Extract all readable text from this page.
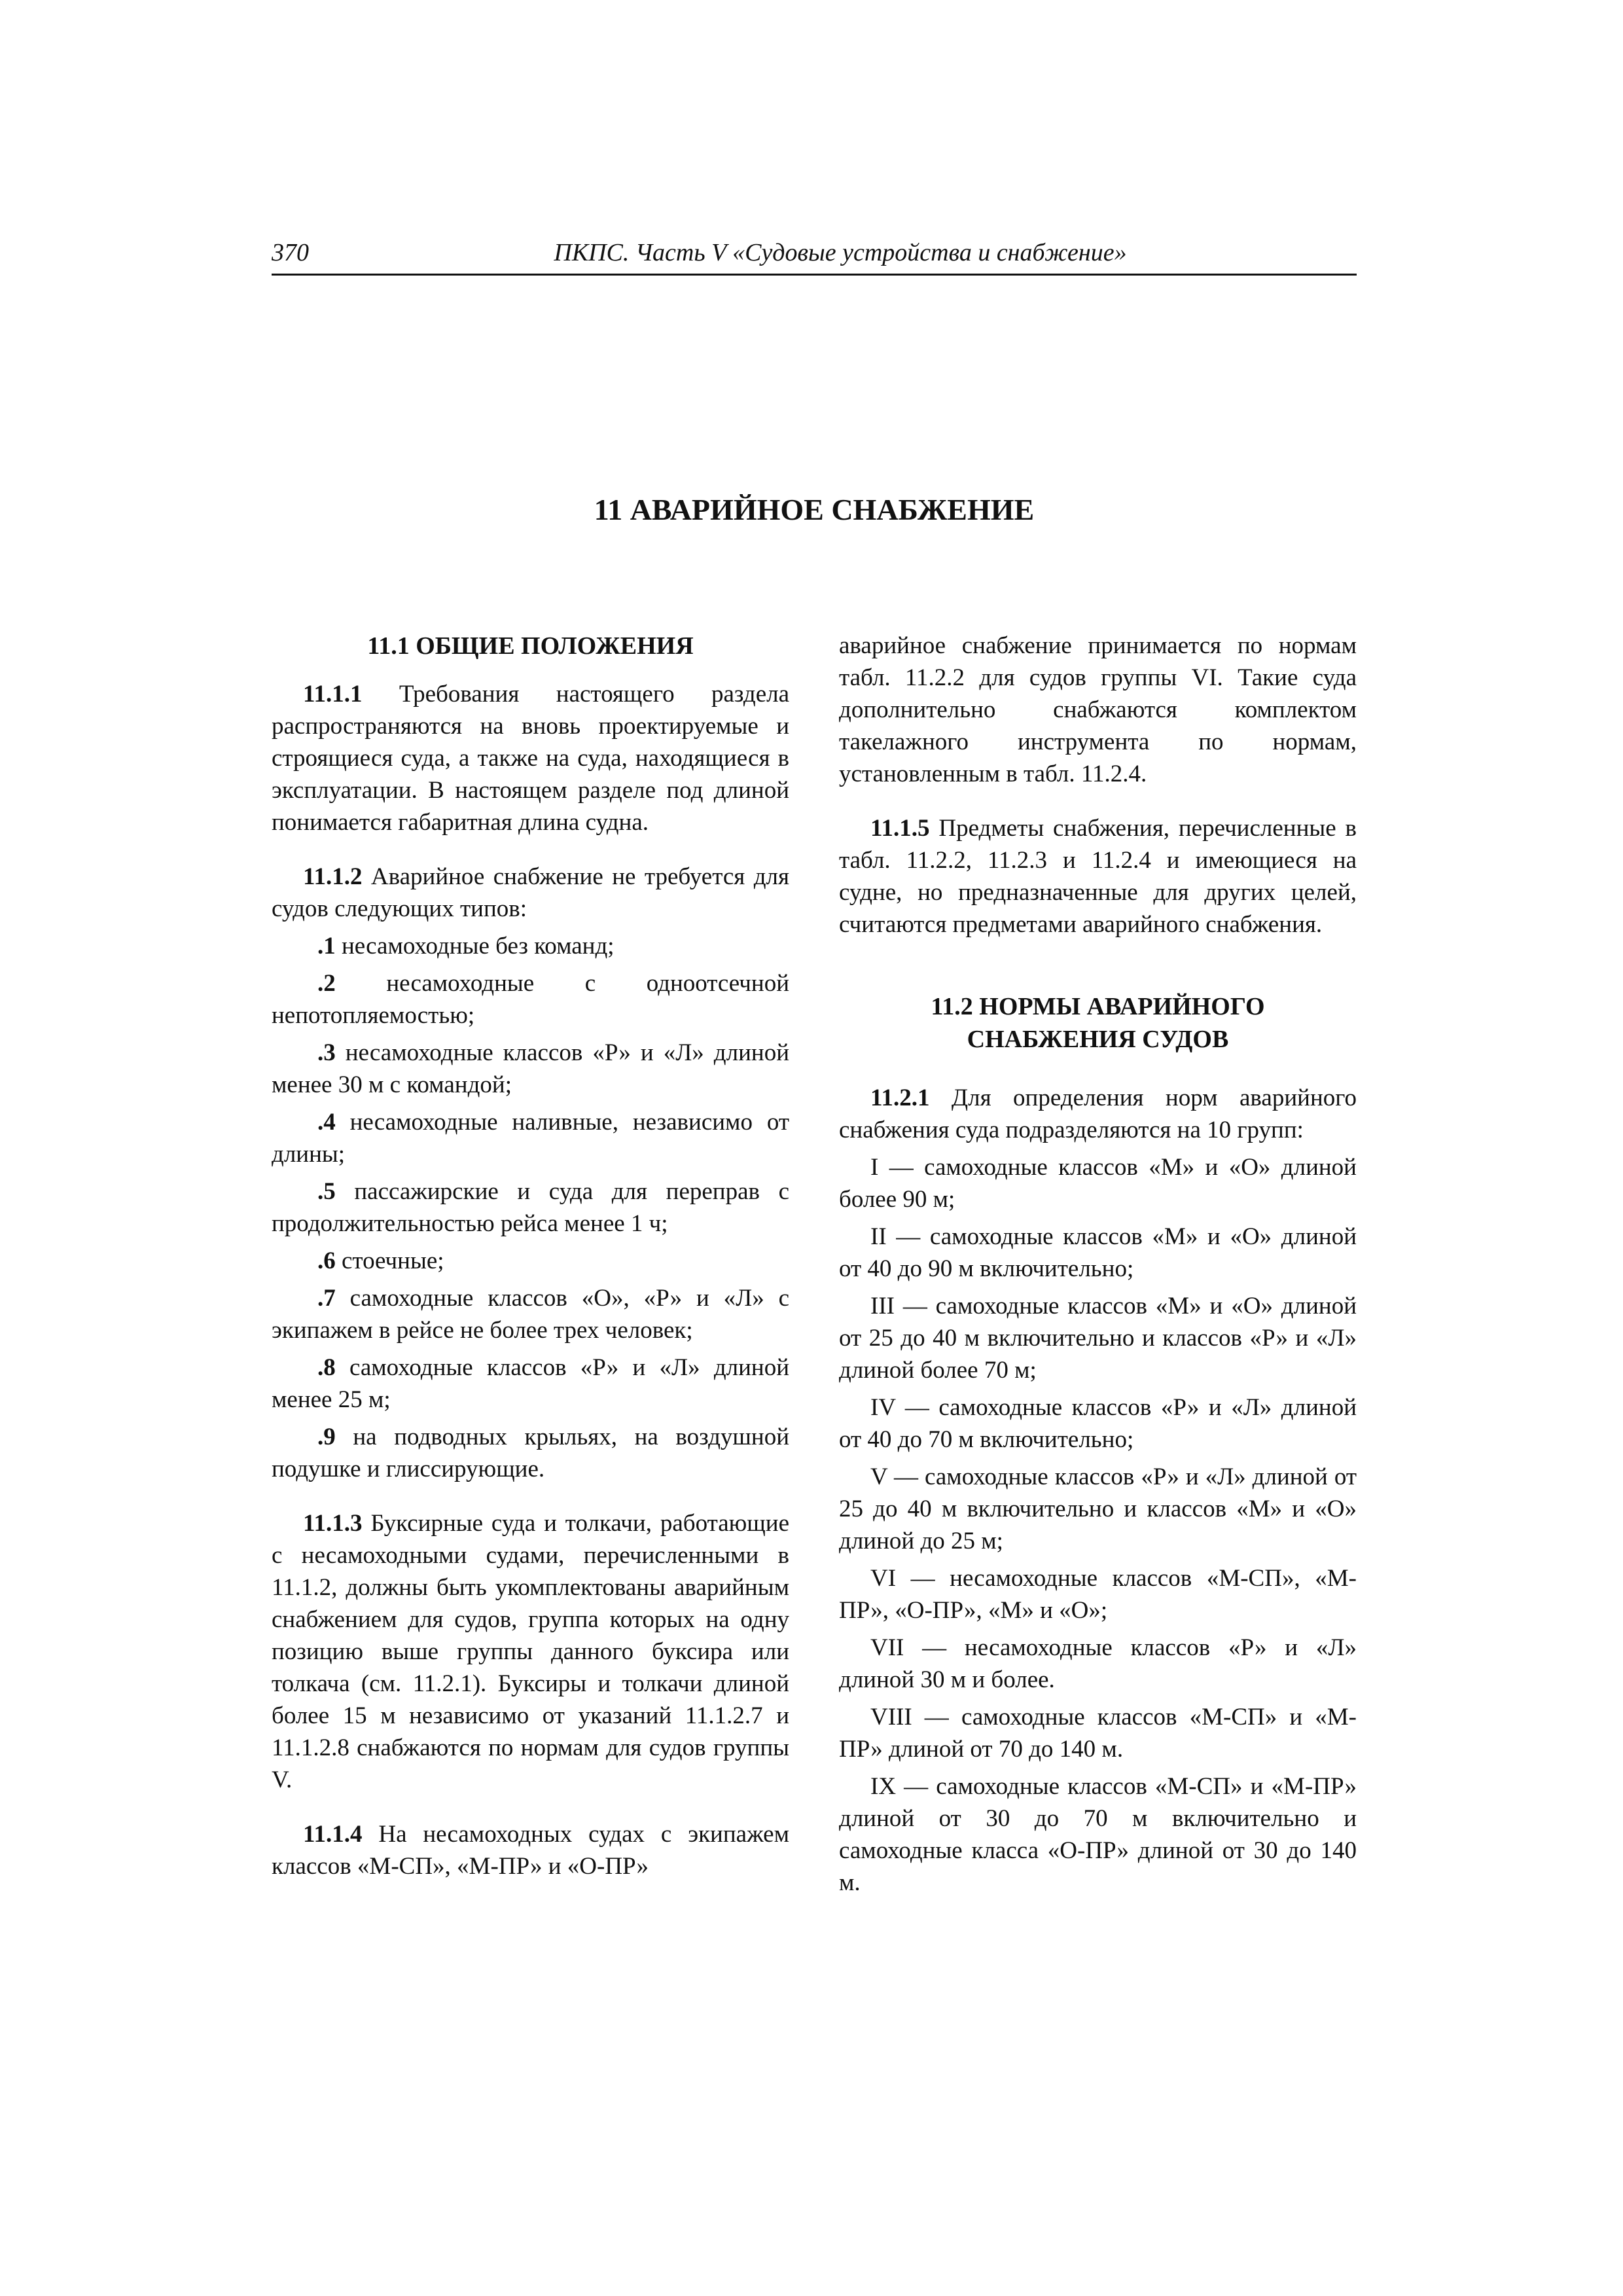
370	ПКПС. Часть V «Судовые устройства и снабжение»
11 АВАРИЙНОЕ СНАБЖЕНИЕ
11.1 ОБЩИЕ ПОЛОЖЕНИЯ

11.1.1 Требования настоящего раздела распространяются на вновь проектируемые и строящиеся суда, а также на суда, находящиеся в эксплуатации. В настоящем разделе под длиной понимается габаритная длина судна.

11.1.2 Аварийное снабжение не требуется для судов следующих типов:

.1 несамоходные без команд;

.2 несамоходные с одноотсечной непотопляемостью;

.3 несамоходные классов «Р» и «Л» длиной менее 30 м с командой;

.4 несамоходные наливные, независимо от длины;

.5 пассажирские и суда для переправ с продолжительностью рейса менее 1 ч;

.6 стоечные;

.7 самоходные классов «О», «Р» и «Л» с экипажем в рейсе не более трех человек;

.8 самоходные классов «Р» и «Л» длиной менее 25 м;

.9 на подводных крыльях, на воздушной подушке и глиссирующие.

11.1.3 Буксирные суда и толкачи, работающие с несамоходными судами, перечисленными в 11.1.2, должны быть укомплектованы аварийным снабжением для судов, группа которых на одну позицию выше группы данного буксира или толкача (см. 11.2.1). Буксиры и толкачи длиной более 15 м независимо от указаний 11.1.2.7 и 11.1.2.8 снабжаются по нормам для судов группы V.

11.1.4 На несамоходных судах с экипажем классов «М-СП», «М-ПР» и «О-ПР»

аварийное снабжение принимается по нормам табл. 11.2.2 для судов группы VI. Такие суда дополнительно снабжаются комплектом такелажного инструмента по нормам, установленным в табл. 11.2.4.

11.1.5 Предметы снабжения, перечисленные в табл. 11.2.2, 11.2.3 и 11.2.4 и имеющиеся на судне, но предназначенные для других целей, считаются предметами аварийного снабжения.

11.2 НОРМЫ АВАРИЙНОГО
СНАБЖЕНИЯ СУДОВ

11.2.1 Для определения норм аварийного снабжения суда подразделяются на 10 групп:

I — самоходные классов «М» и «О» длиной более 90 м;

II — самоходные классов «М» и «О» длиной от 40 до 90 м включительно;

III — самоходные классов «М» и «О» длиной от 25 до 40 м включительно и классов «Р» и «Л» длиной более 70 м;

IV — самоходные классов «Р» и «Л» длиной от 40 до 70 м включительно;

V — самоходные классов «Р» и «Л» длиной от 25 до 40 м включительно и классов «М» и «О» длиной до 25 м;

VI — несамоходные классов «М-СП», «М-ПР», «О-ПР», «М» и «О»;

VII — несамоходные классов «Р» и «Л» длиной 30 м и более.

VIII — самоходные классов «М-СП» и «М-ПР» длиной от 70 до 140 м.

IX — самоходные классов «М-СП» и «М-ПР» длиной от 30 до 70 м включительно и самоходные класса «О-ПР» длиной от 30 до 140 м.
